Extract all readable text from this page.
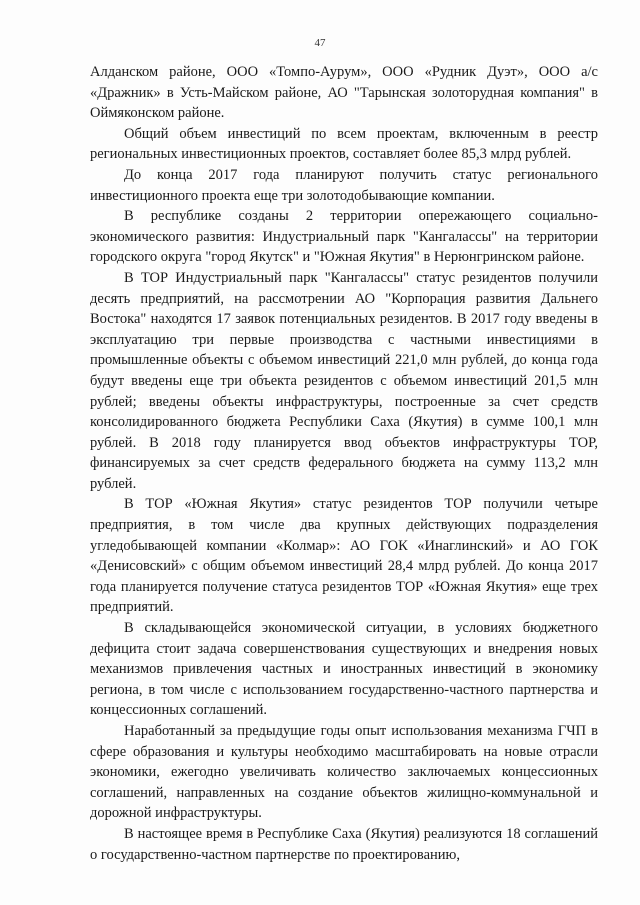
47

Алданском районе, ООО «Томпо-Аурум», ООО «Рудник Дуэт», ООО а/с «Дражник» в Усть-Майском районе, АО "Тарынская золоторудная компания" в Оймяконском районе.

Общий объем инвестиций по всем проектам, включенным в реестр региональных инвестиционных проектов, составляет более 85,3 млрд рублей.

До конца 2017 года планируют получить статус регионального инвестиционного проекта еще три золотодобывающие компании.

В республике созданы 2 территории опережающего социально-экономического развития: Индустриальный парк "Кангалассы" на территории городского округа "город Якутск" и "Южная Якутия" в Нерюнгринском районе.

В ТОР Индустриальный парк "Кангалассы" статус резидентов получили десять предприятий, на рассмотрении АО "Корпорация развития Дальнего Востока" находятся 17 заявок потенциальных резидентов. В 2017 году введены в эксплуатацию три первые производства с частными инвестициями в промышленные объекты с объемом инвестиций 221,0 млн рублей, до конца года будут введены еще три объекта резидентов с объемом инвестиций 201,5 млн рублей; введены объекты инфраструктуры, построенные за счет средств консолидированного бюджета Республики Саха (Якутия) в сумме 100,1 млн рублей. В 2018 году планируется ввод объектов инфраструктуры ТОР, финансируемых за счет средств федерального бюджета на сумму 113,2 млн рублей.

В ТОР «Южная Якутия» статус резидентов ТОР получили четыре предприятия, в том числе два крупных действующих подразделения угледобывающей компании «Колмар»: АО ГОК «Инаглинский» и АО ГОК «Денисовский» с общим объемом инвестиций 28,4 млрд рублей. До конца 2017 года планируется получение статуса резидентов ТОР «Южная Якутия» еще трех предприятий.

В складывающейся экономической ситуации, в условиях бюджетного дефицита стоит задача совершенствования существующих и внедрения новых механизмов привлечения частных и иностранных инвестиций в экономику региона, в том числе с использованием государственно-частного партнерства и концессионных соглашений.

Наработанный за предыдущие годы опыт использования механизма ГЧП в сфере образования и культуры необходимо масштабировать на новые отрасли экономики, ежегодно увеличивать количество заключаемых концессионных соглашений, направленных на создание объектов жилищно-коммунальной и дорожной инфраструктуры.

В настоящее время в Республике Саха (Якутия) реализуются 18 соглашений о государственно-частном партнерстве по проектированию,
